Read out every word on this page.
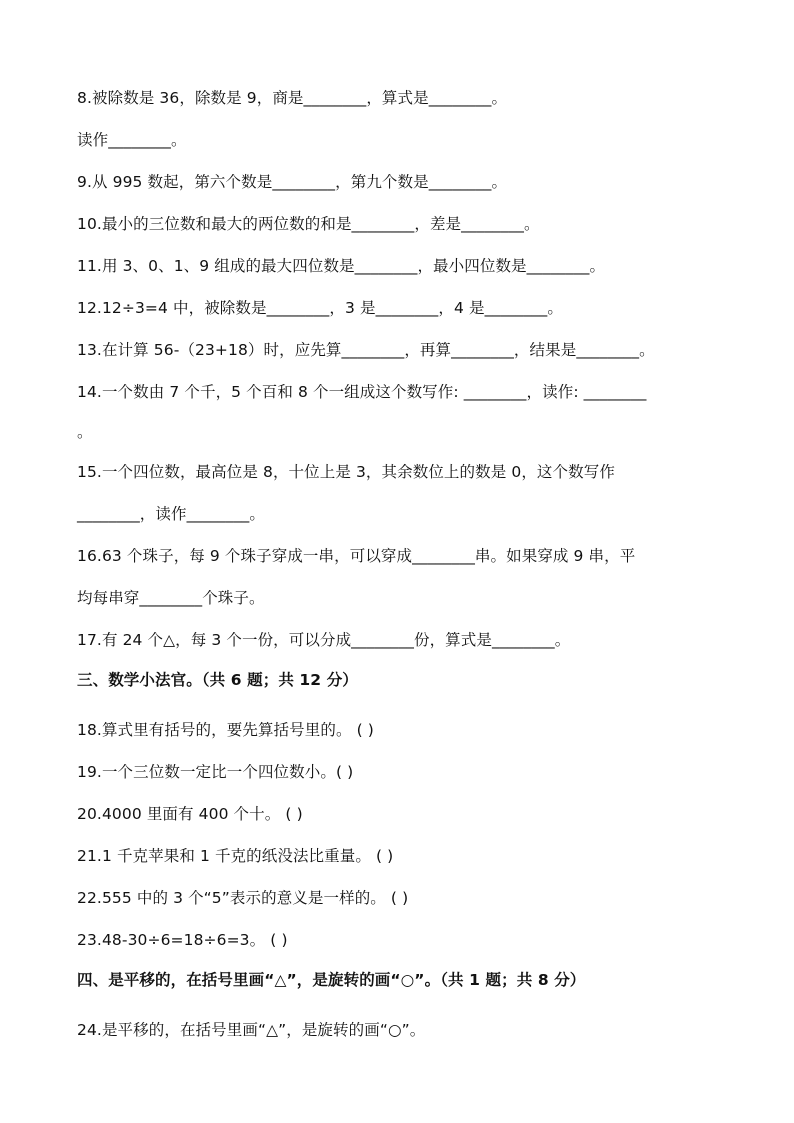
8.被除数是 36，除数是 9，商是________，算式是________。
读作________。
9.从 995 数起，第六个数是________，第九个数是________。
10.最小的三位数和最大的两位数的和是________，差是________。
11.用 3、0、1、9 组成的最大四位数是________，最小四位数是________。
12.12÷3=4 中，被除数是________，3 是________，4 是________。
13.在计算 56-（23+18）时，应先算________，再算________，结果是________。
14.一个数由 7 个千，5 个百和 8 个一组成这个数写作: ________，读作: ________
。
15.一个四位数，最高位是 8，十位上是 3，其余数位上的数是 0，这个数写作
________，读作________。
16.63 个珠子，每 9 个珠子穿成一串，可以穿成________串。如果穿成 9 串，平
均每串穿________个珠子。
17.有 24 个△，每 3 个一份，可以分成________份，算式是________。
三、数学小法官。（共 6 题；共 12 分）
18.算式里有括号的，要先算括号里的。 ( )
19.一个三位数一定比一个四位数小。( )
20.4000 里面有 400 个十。 ( )
21.1 千克苹果和 1 千克的纸没法比重量。 ( )
22.555 中的 3 个“5”表示的意义是一样的。 ( )
23.48-30÷6=18÷6=3。 ( )
四、是平移的，在括号里画“△”，是旋转的画“○”。（共 1 题；共 8 分）
24.是平移的，在括号里画“△”，是旋转的画“○”。
